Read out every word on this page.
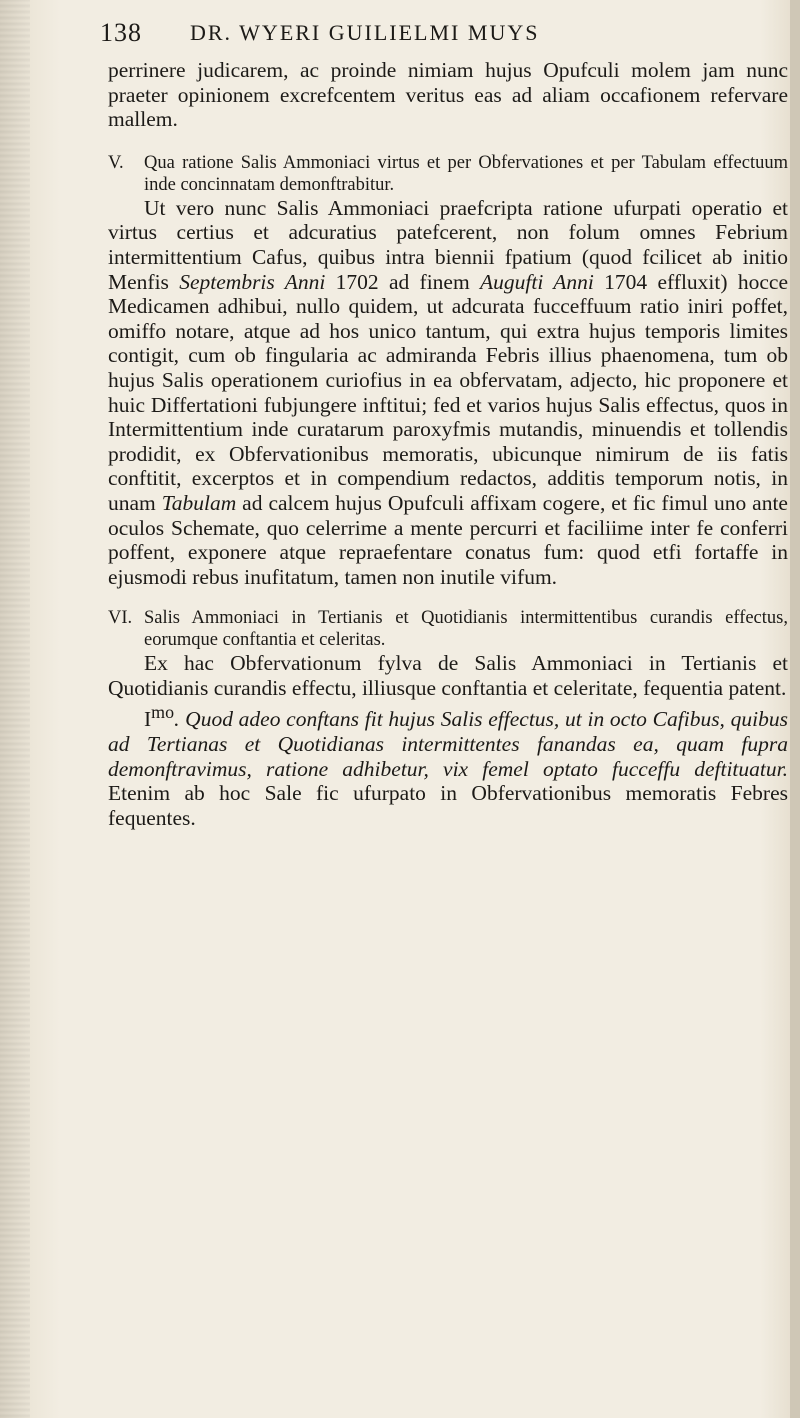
138 DR. WYERI GUILIELMI MUYS

perrinere judicarem, ac proinde nimiam hujus Opufculi molem jam nunc praeter opinionem excrefcentem veritus eas ad aliam occafionem refervare mallem.

V. Qua ratione Salis Ammoniaci virtus et per Obfervationes et per Tabulam effectuum inde concinnatam demonftrabitur.

Ut vero nunc Salis Ammoniaci praefcripta ratione ufurpati operatio et virtus certius et adcuratius patefcerent, non folum omnes Febrium intermittentium Cafus, quibus intra biennii fpatium (quod fcilicet ab initio Menfis Septembris Anni 1702 ad finem Augufti Anni 1704 effluxit) hocce Medicamen adhibui, nullo quidem, ut adcurata fucceffuum ratio iniri poffet, omiffo notare, atque ad hos unico tantum, qui extra hujus temporis limites contigit, cum ob fingularia ac admiranda Febris illius phaenomena, tum ob hujus Salis operationem curiofius in ea obfervatam, adjecto, hic proponere et huic Differtationi fubjungere inftitui; fed et varios hujus Salis effectus, quos in Intermittentium inde curatarum paroxyfmis mutandis, minuendis et tollendis prodidit, ex Obfervationibus memoratis, ubicunque nimirum de iis fatis conftitit, excerptos et in compendium redactos, additis temporum notis, in unam Tabulam ad calcem hujus Opufculi affixam cogere, et fic fimul uno ante oculos Schemate, quo celerrime a mente percurri et faciliime inter fe conferri poffent, exponere atque repraefentare conatus fum: quod etfi fortaffe in ejusmodi rebus inufitatum, tamen non inutile vifum.

VI. Salis Ammoniaci in Tertianis et Quotidianis intermittentibus curandis effectus, eorumque conftantia et celeritas.

Ex hac Obfervationum fylva de Salis Ammoniaci in Tertianis et Quotidianis curandis effectu, illiusque conftantia et celeritate, fequentia patent.

$I^{mo}$. Quod adeo conftans fit hujus Salis effectus, ut in octo Cafibus, quibus ad Tertianas et Quotidianas intermittentes fanandas ea, quam fupra demonftravimus, ratione adhibetur, vix femel optato fucceffu deftituatur. Etenim ab hoc Sale fic ufurpato in Obfervationibus memoratis Febres fequentes.
